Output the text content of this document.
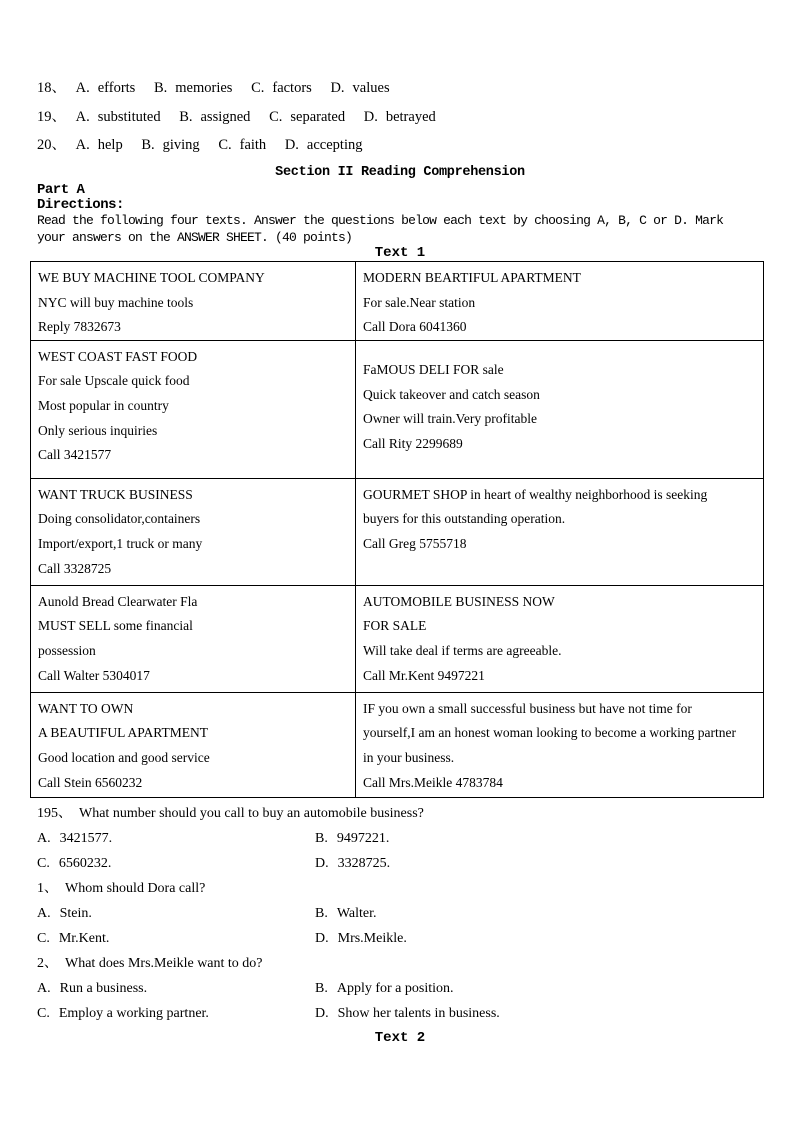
18、 A. efforts B. memories C. factors D. values
19、 A. substituted B. assigned C. separated D. betrayed
20、 A. help B. giving C. faith D. accepting
Section II Reading Comprehension
Part A
Directions:
Read the following four texts. Answer the questions below each text by choosing A, B, C or D. Mark
your answers on the ANSWER SHEET. (40 points)
Text 1
WE BUY MACHINE TOOL COMPANY
NYC will buy machine tools
Reply 7832673

MODERN BEARTIFUL APARTMENT
For sale.Near station
Call Dora 6041360

WEST COAST FAST FOOD
For sale Upscale quick food
Most popular in country
Only serious inquiries
Call 3421577

FaMOUS DELI FOR sale
Quick takeover and catch season
Owner will train.Very profitable
Call Rity 2299689

WANT TRUCK BUSINESS
Doing consolidator,containers
Import/export,1 truck or many
Call 3328725

GOURMET SHOP in heart of wealthy neighborhood is seeking
buyers for this outstanding operation.
Call Greg 5755718

Aunold Bread Clearwater Fla
MUST SELL some financial
possession
Call Walter 5304017

AUTOMOBILE BUSINESS NOW
FOR SALE
Will take deal if terms are agreeable.
Call Mr.Kent 9497221

WANT TO OWN
A BEAUTIFUL APARTMENT
Good location and good service
Call Stein 6560232

IF you own a small successful business but have not time for
yourself,I am an honest woman looking to become a working partner
in your business.
Call Mrs.Meikle 4783784
195、 What number should you call to buy an automobile business?
A. 3421577.	B. 9497221.
C. 6560232.	D. 3328725.
1、 Whom should Dora call?
A. Stein.	B. Walter.
C. Mr.Kent.	D. Mrs.Meikle.
2、 What does Mrs.Meikle want to do?
A. Run a business.	B. Apply for a position.
C. Employ a working partner.	D. Show her talents in business.
Text 2
